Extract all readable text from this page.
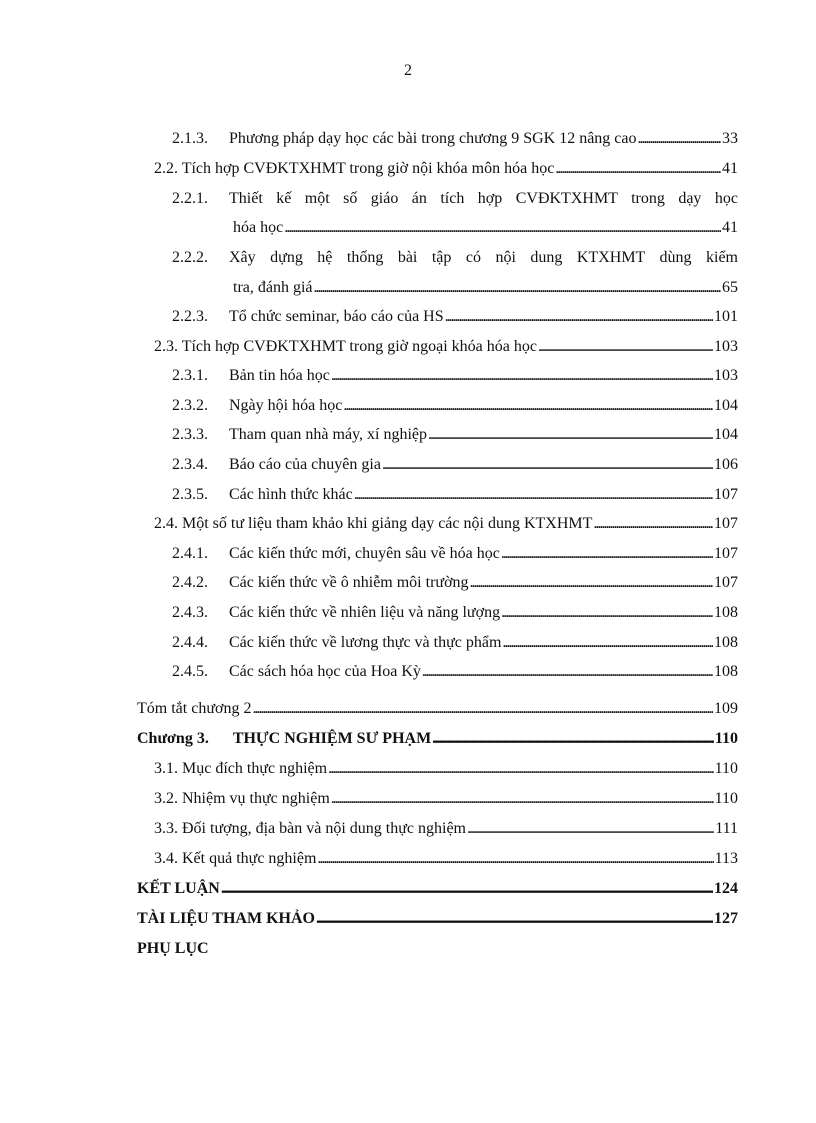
2
2.1.3.	Phương pháp dạy học các bài trong chương 9 SGK 12 nâng cao . . .	33
2.2. Tích hợp CVĐKTXHMT trong giờ nội khóa môn hóa học . . .	41
2.2.1.	Thiết kế một số giáo án tích hợp CVĐKTXHMT trong dạy học
hóa học . . .	41
2.2.2.	Xây dựng hệ thống bài tập có nội dung KTXHMT dùng kiểm
tra, đánh giá . . .	65
2.2.3.	Tổ chức seminar, báo cáo của HS . . .	101
2.3. Tích hợp CVĐKTXHMT trong giờ ngoại khóa hóa học . . .	103
2.3.1.	Bản tin hóa học . . .	103
2.3.2.	Ngày hội hóa học . . .	104
2.3.3.	Tham quan nhà máy, xí nghiệp . . .	104
2.3.4.	Báo cáo của chuyên gia . . .	106
2.3.5.	Các hình thức khác . . .	107
2.4. Một số tư liệu tham khảo khi giảng dạy các nội dung KTXHMT . . .	107
2.4.1.	Các kiến thức mới, chuyên sâu về hóa học . . .	107
2.4.2.	Các kiến thức về ô nhiễm môi trường . . .	107
2.4.3.	Các kiến thức về nhiên liệu và năng lượng . . .	108
2.4.4.	Các kiến thức về lương thực và thực phẩm . . .	108
2.4.5.	Các sách hóa học của Hoa Kỳ . . .	108
Tóm tắt chương 2 . . .	109
Chương 3. THỰC NGHIỆM SƯ PHẠM . . .	110
3.1. Mục đích thực nghiệm . . .	110
3.2. Nhiệm vụ thực nghiệm . . .	110
3.3. Đối tượng, địa bàn và nội dung thực nghiệm . . .	111
3.4. Kết quả thực nghiệm . . .	113
KẾT LUẬN . . .	124
TÀI LIỆU THAM KHẢO . . .	127
PHỤ LỤC
